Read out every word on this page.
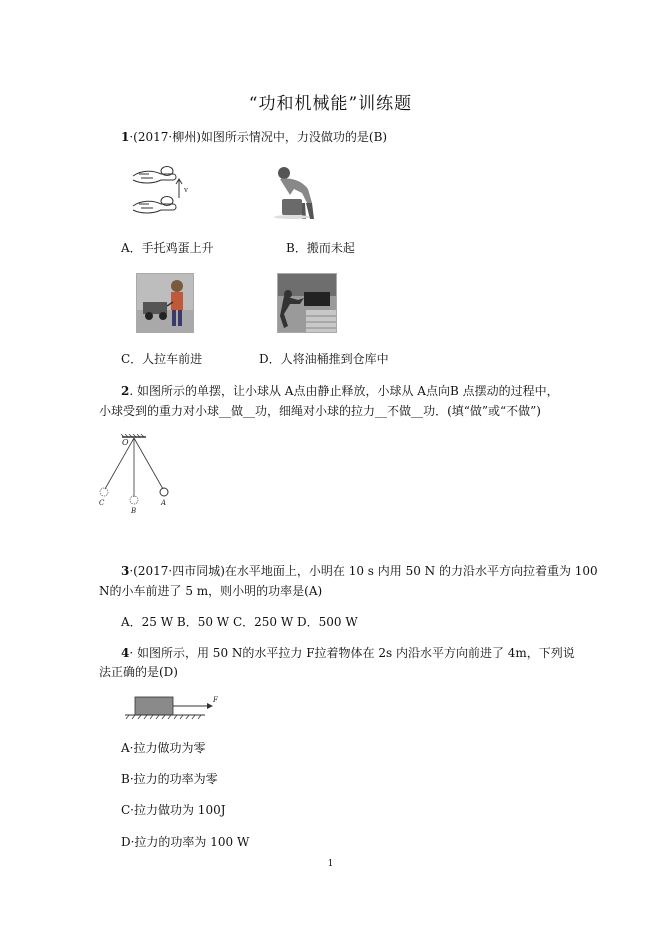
“功和机械能”训练题
1·(2017·柳州)如图所示情况中，力没做功的是(B)
v
A．手托鸡蛋上升	B．搬而未起
C．人拉车前进	D．人将油桶推到仓库中
2. 如图所示的单摆，让小球从 A点由静止释放，小球从 A点向B 点摆动的过程中，
小球受到的重力对小球__做__功，细绳对小球的拉力__不做__功．(填“做”或“不做”)
O
C
B
A
3·(2017·四市同城)在水平地面上，小明在 10 s 内用 50 N 的力沿水平方向拉着重为 100
N的小车前进了 5 m，则小明的功率是(A)
A．25 W B．50 W C．250 W D．500 W
4· 如图所示，用 50 N的水平拉力 F拉着物体在 2s 内沿水平方向前进了 4m，下列说
法正确的是(D)
F
A·拉力做功为零
B·拉力的功率为零
C·拉力做功为 100J
D·拉力的功率为 100 W
1
